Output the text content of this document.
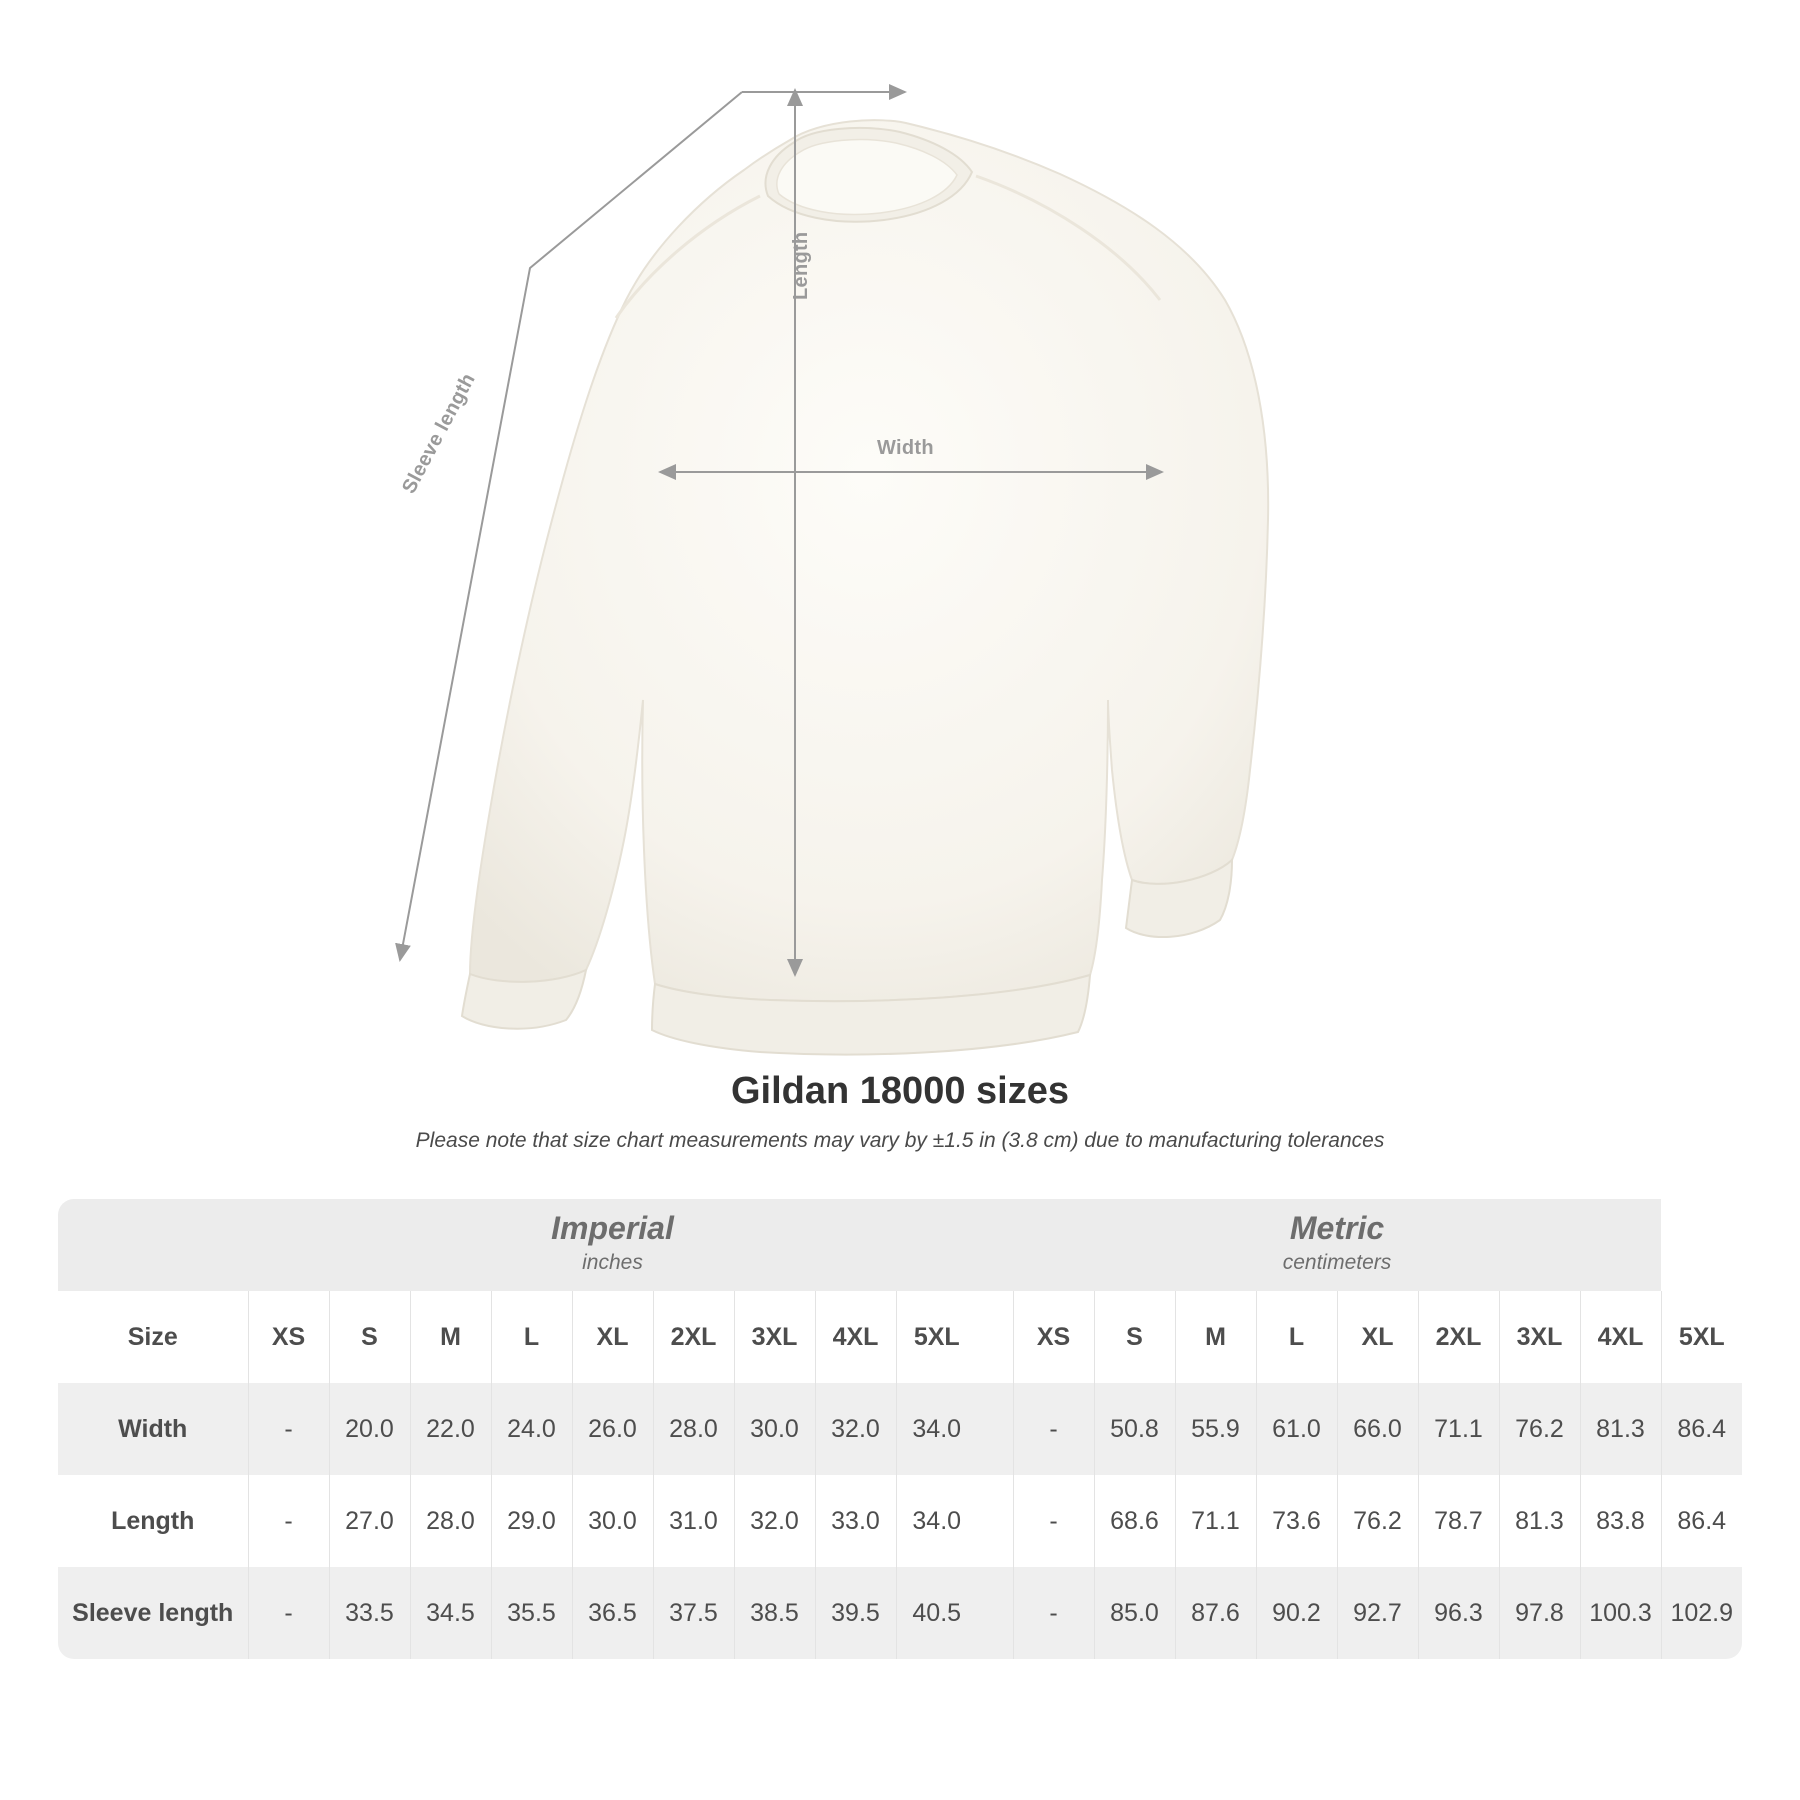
Width
Length
Sleeve length
Gildan 18000 sizes

Please note that size chart measurements may vary by ±1.5 in (3.8 cm) due to manufacturing tolerances

Imperial
inches

Metric
centimeters

Size	XS	S	M	L	XL	2XL	3XL	4XL	5XL		XS	S	M	L	XL	2XL	3XL	4XL	5XL
Width	-	20.0	22.0	24.0	26.0	28.0	30.0	32.0	34.0		-	50.8	55.9	61.0	66.0	71.1	76.2	81.3	86.4
Length	-	27.0	28.0	29.0	30.0	31.0	32.0	33.0	34.0		-	68.6	71.1	73.6	76.2	78.7	81.3	83.8	86.4
Sleeve length	-	33.5	34.5	35.5	36.5	37.5	38.5	39.5	40.5		-	85.0	87.6	90.2	92.7	96.3	97.8	100.3	102.9
